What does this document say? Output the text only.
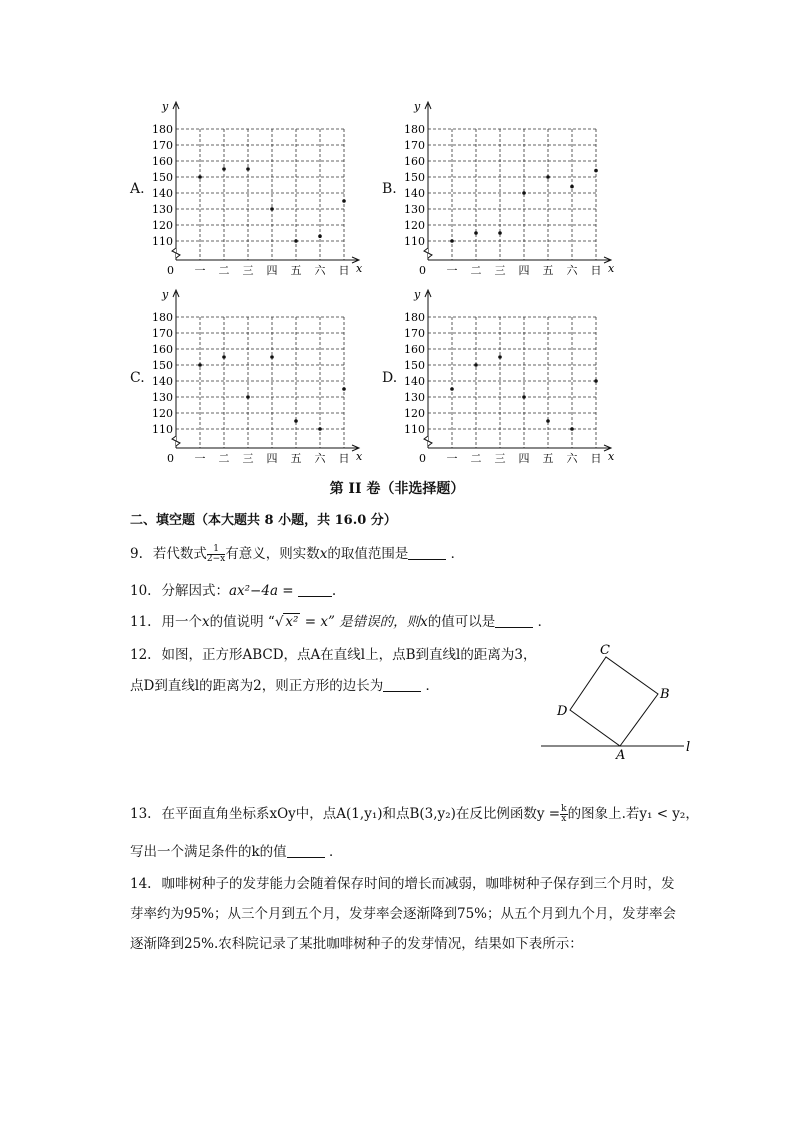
y
x
0
110
120
130
140
150
160
170
180
一 二 三 四 五 六 日
A.
y
x
0
110
120
130
140
150
160
170
180
一 二 三 四 五 六 日
B.
y
x
0
110
120
130
140
150
160
170
180
一 二 三 四 五 六 日
C.
y
x
0
110
120
130
140
150
160
170
180
一 二 三 四 五 六 日
D.
第 II 卷（非选择题）
二、填空题（本大题共 8 小题，共 16.0 分）
9. 若代数式 $\frac{1}{2-x}$ 有意义，则实数x的取值范围是	．
10. 分解因式：ax²−4a =	.
11. 用一个x的值说明 “√ x² = x” 是错误的，则x的值可以是	．
12. 如图，正方形ABCD，点A在直线l上，点B到直线l的距离为3，
点D到直线l的距离为2，则正方形的边长为	．
C
B
D
A
l
13. 在平面直角坐标系xOy中，点A(1,y₁)和点B(3,y₂)在反比例函数$y = \frac{k}{x}$ 的图象上.若y₁ < y₂，
写出一个满足条件的k的值	．
14. 咖啡树种子的发芽能力会随着保存时间的增长而减弱，咖啡树种子保存到三个月时，发
芽率约为95%；从三个月到五个月，发芽率会逐渐降到75%；从五个月到九个月，发芽率会
逐渐降到25%.农科院记录了某批咖啡树种子的发芽情况，结果如下表所示：
